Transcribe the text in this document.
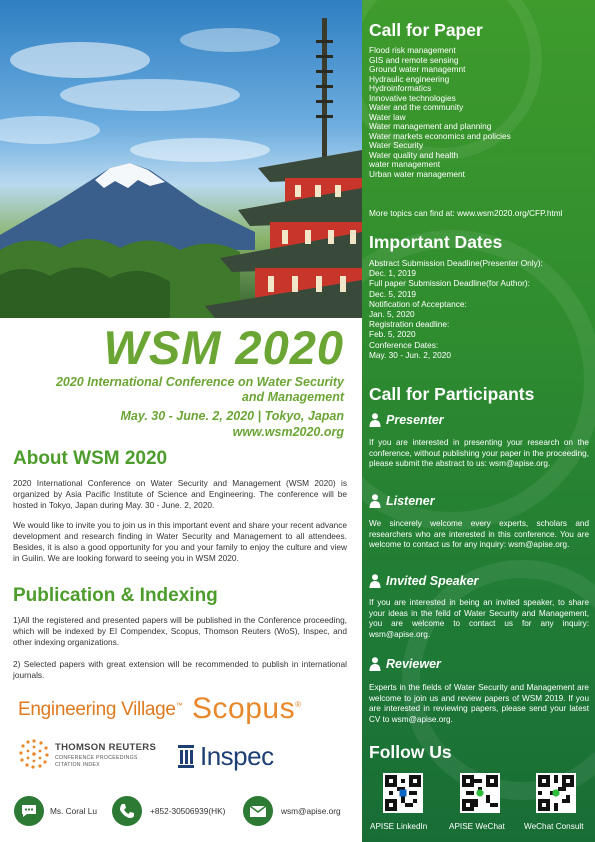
WSM 2020
2020 International Conference on Water Security
and Management
May. 30 - June. 2, 2020 | Tokyo, Japan
www.wsm2020.org
About WSM 2020

2020 International Conference on Water Security and Management (WSM 2020) is organized by Asia Pacific Institute of Science and Engineering. The conference will be hosted in Tokyo, Japan during May. 30 - June. 2, 2020.

We would like to invite you to join us in this important event and share your recent advance development and research finding in Water Security and Management to all attendees. Besides, it is also a good opportunity for you and your family to enjoy the culture and view in Guilin. We are looking forward to seeing you in WSM 2020.

Publication & Indexing

1)All the registered and presented papers will be published in the Conference proceeding, which will be indexed by EI Compendex, Scopus, Thomson Reuters (WoS), Inspec, and other indexing organizations.

2) Selected papers with great extension will be recommended to publish in international journals.

Engineering Village™ Scopus®
THOMSON REUTERS
CONFERENCE PROCEEDINGS
CITATION INDEX	Inspec
Ms. Coral Lu	+852-30506939(HK)	wsm@apise.org
Call for Paper
Flood risk management
GIS and remote sensing
Ground water managemnt
Hydraulic engineering
Hydroinformatics
Innovative technologies
Water and the community
Water law
Water management and planning
Water markets economics and policies
Water Security
Water quality and health
water management
Urban water management
More topics can find at: www.wsm2020.org/CFP.html
Important Dates
Abstract Submission Deadline(Presenter Only):
Dec. 1, 2019
Full paper Submission Deadline(for Author):
Dec. 5, 2019
Notification of Acceptance:
Jan. 5, 2020
Registration deadline:
Feb. 5, 2020
Conference Dates:
May. 30 - Jun. 2, 2020
Call for Participants
Presenter

If you are interested in presenting your research on the conference, without publishing your paper in the proceeding, please submit the abstract to us: wsm@apise.org.

Listener

We sincerely welcome every experts, scholars and researchers who are interested in this conference. You are welcome to contact us for any inquiry: wsm@apise.org.

Invited Speaker

If you are interested in being an invited speaker, to share your ideas in the feild of Water Security and Management, you are welcome to contact us for any inquiry: wsm@apise.org.

Reviewer

Experts in the fields of Water Security and Management are welcome to join us and review papers of WSM 2019. If you are interested in reviewing papers, please send your latest CV to wsm@apise.org.

Follow Us
APISE LinkedIn	APISE WeChat WeChat Consult
